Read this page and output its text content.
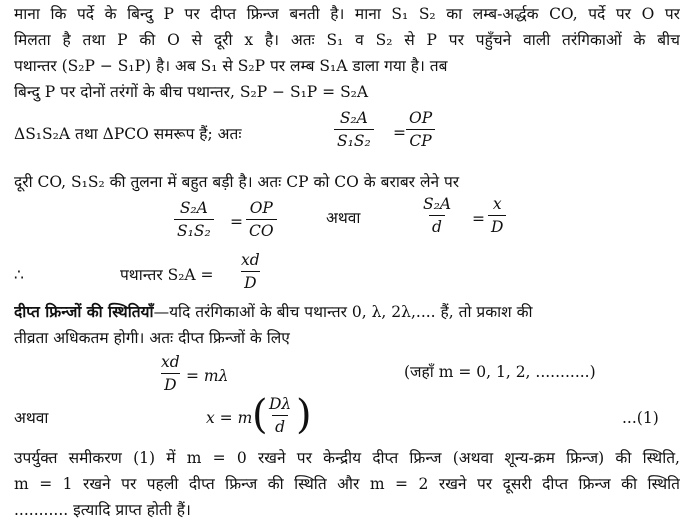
माना कि पर्दे के बिन्दु P पर दीप्त फ्रिन्ज बनती है। माना S₁ S₂ का लम्ब-अर्द्धक CO, पर्दे पर O पर
मिलता है तथा P की O से दूरी x है। अतः S₁ व S₂ से P पर पहुँचने वाली तरंगिकाओं के बीच
पथान्तर (S₂P − S₁P) है। अब S₁ से S₂P पर लम्ब S₁A डाला गया है। तब
बिन्दु P पर दोनों तरंगों के बीच पथान्तर, S₂P − S₁P = S₂A
ΔS₁S₂A तथा ΔPCO समरूप हैं; अतः	$\frac{\text{S₂A}}{\text{S₁S₂}} = \frac{OP}{CP}$
दूरी CO, S₁S₂ की तुलना में बहुत बड़ी है। अतः CP को CO के बराबर लेने पर
$\frac{\text{S₂A}}{\text{S₁S₂}} = \frac{OP}{CO}$	अथवा	$\frac{\text{S₂A}}{d} = \frac{x}{D}$
∴	पथान्तर $S_2A = \frac{xd}{D}$
दीप्त फ्रिन्जों की स्थितियाँ—यदि तरंगिकाओं के बीच पथान्तर 0, λ, 2λ,.... हैं, तो प्रकाश की
तीव्रता अधिकतम होगी। अतः दीप्त फ्रिन्जों के लिए
$\frac{xd}{D} = m\lambda$	(जहाँ m = 0, 1, 2, ...........)
अथवा	x = m (
$\frac{D\lambda}{d}$ )	...(1)
उपर्युक्त समीकरण (1) में m = 0 रखने पर केन्द्रीय दीप्त फ्रिन्ज (अथवा शून्य-क्रम फ्रिन्ज) की स्थिति,
m = 1 रखने पर पहली दीप्त फ्रिन्ज की स्थिति और m = 2 रखने पर दूसरी दीप्त फ्रिन्ज की स्थिति
........... इत्यादि प्राप्त होती हैं।
